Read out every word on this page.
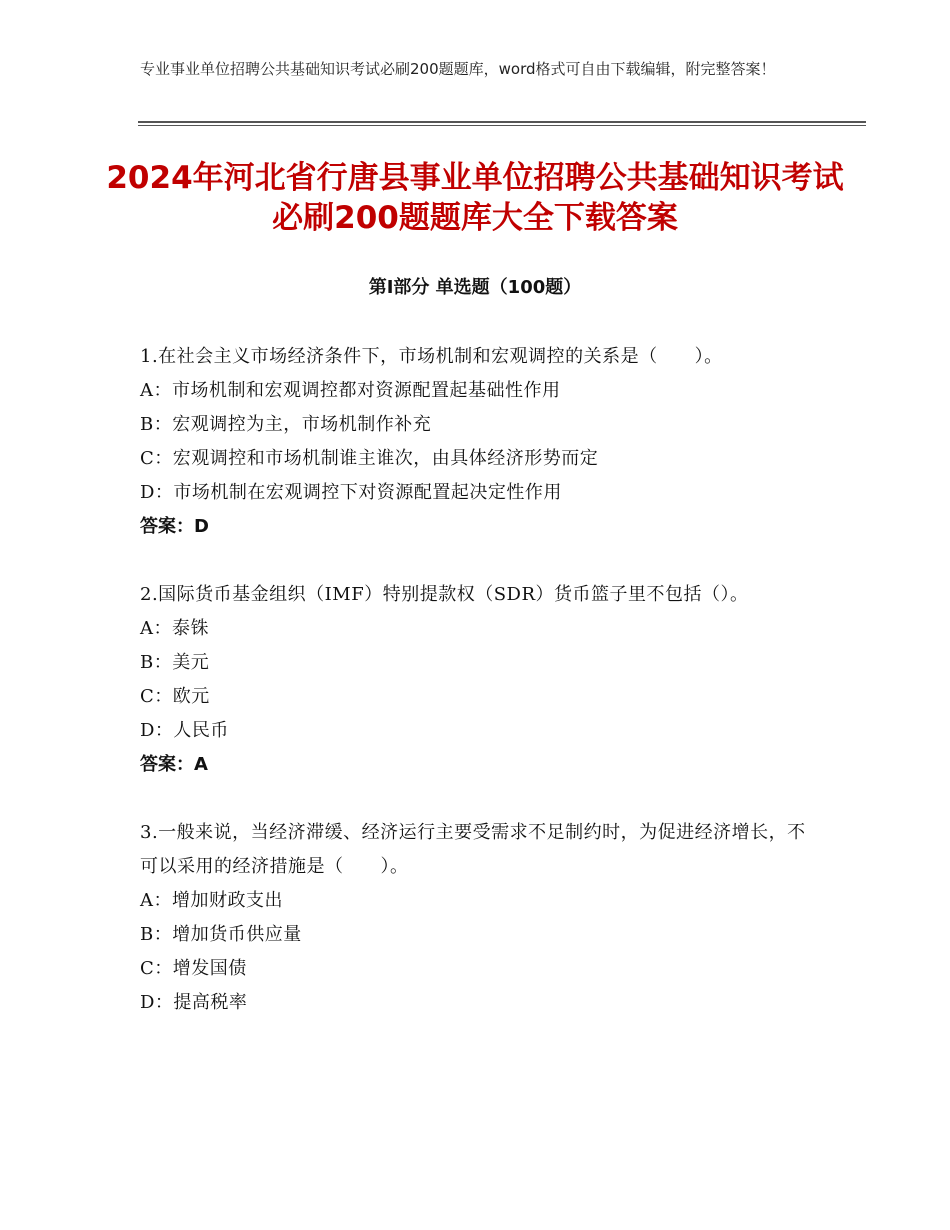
专业事业单位招聘公共基础知识考试必刷200题题库，word格式可自由下载编辑，附完整答案！
2024年河北省行唐县事业单位招聘公共基础知识考试必刷200题题库大全下载答案
第I部分 单选题（100题）
1.在社会主义市场经济条件下，市场机制和宏观调控的关系是（　　）。
A：市场机制和宏观调控都对资源配置起基础性作用
B：宏观调控为主，市场机制作补充
C：宏观调控和市场机制谁主谁次，由具体经济形势而定
D：市场机制在宏观调控下对资源配置起决定性作用
答案：D
2.国际货币基金组织（IMF）特别提款权（SDR）货币篮子里不包括（）。
A：泰铢
B：美元
C：欧元
D：人民币
答案：A
3.一般来说，当经济滞缓、经济运行主要受需求不足制约时，为促进经济增长，不可以采用的经济措施是（　　）。
A：增加财政支出
B：增加货币供应量
C：增发国债
D：提高税率
